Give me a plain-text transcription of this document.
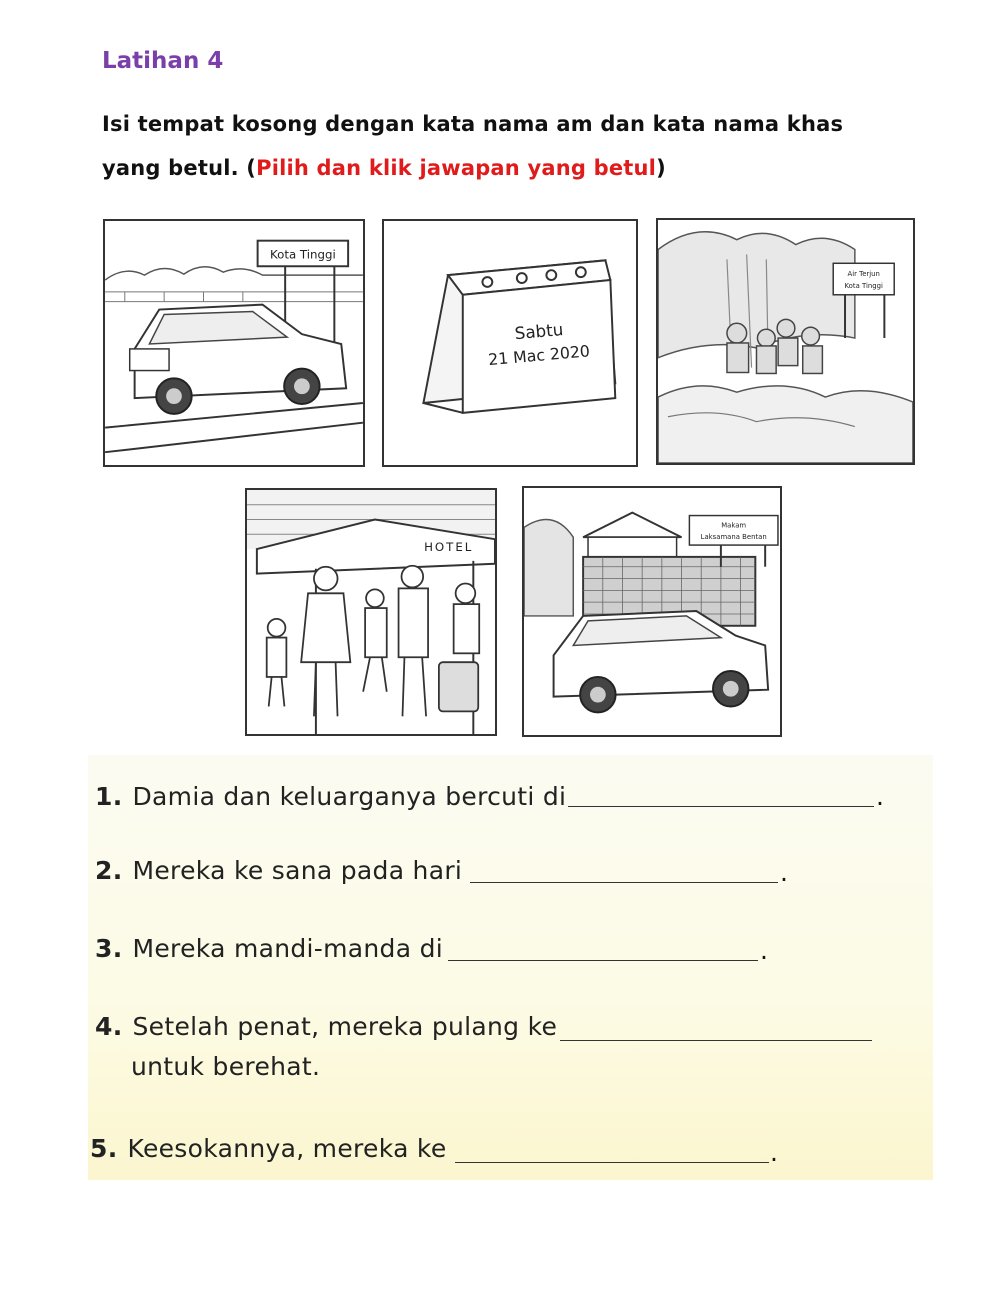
Latihan 4
Isi tempat kosong dengan kata nama am dan kata nama khas
yang betul. (Pilih dan klik jawapan yang betul)
Kota Tinggi
Sabtu
21 Mac 2020
Air Terjun
Kota Tinggi
HOTEL
Makam
Laksamana Bentan
1. Damia dan keluarganya bercuti di	.
2. Mereka ke sana pada hari	.
3. Mereka mandi-manda di	.
4. Setelah penat, mereka pulang ke
untuk berehat.
5. Keesokannya, mereka ke	.
